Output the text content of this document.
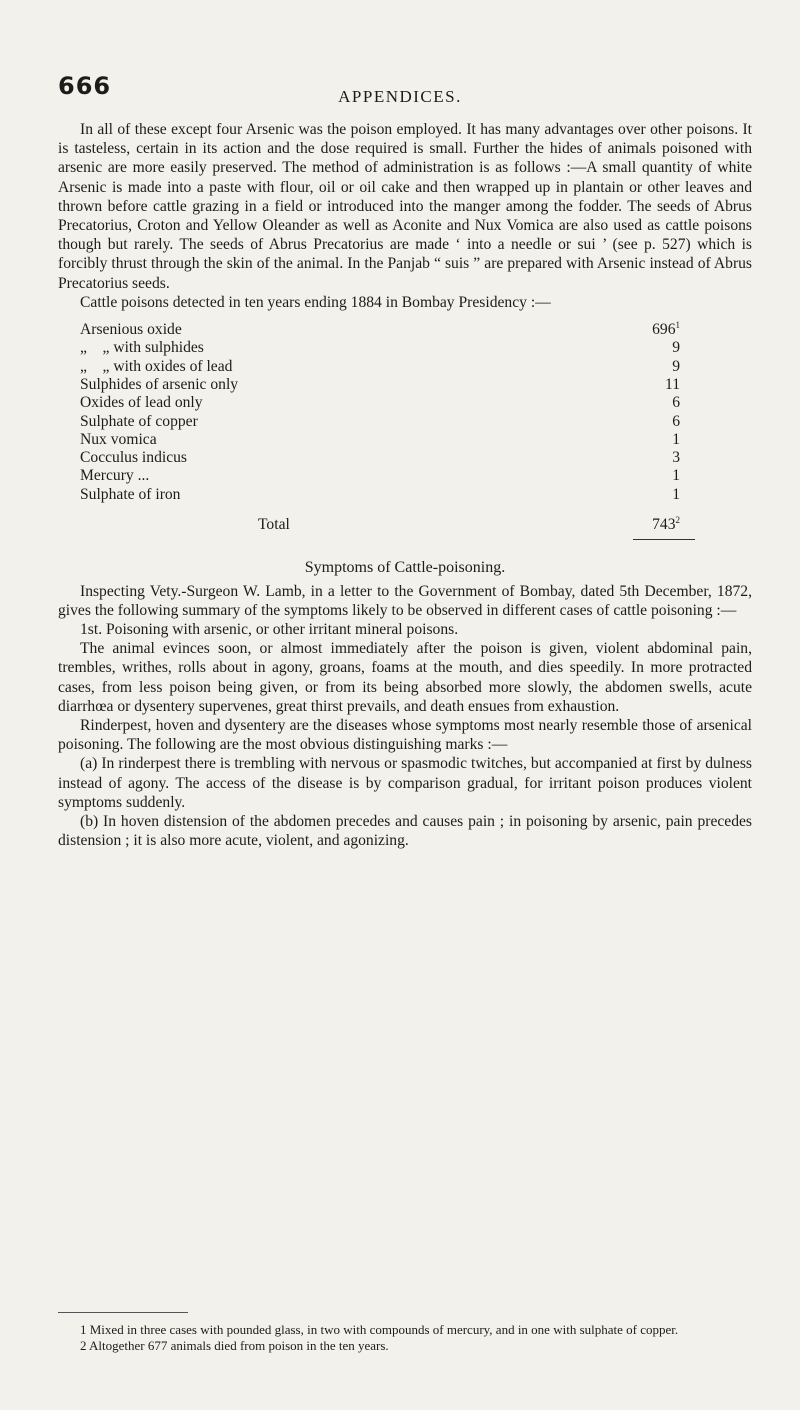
666	APPENDICES.

In all of these except four Arsenic was the poison employed. It has many advantages over other poisons. It is tasteless, certain in its action and the dose required is small. Further the hides of animals poisoned with arsenic are more easily preserved. The method of administration is as follows :—A small quantity of white Arsenic is made into a paste with flour, oil or oil cake and then wrapped up in plantain or other leaves and thrown before cattle grazing in a field or introduced into the manger among the fodder. The seeds of Abrus Precatorius, Croton and Yellow Oleander as well as Aconite and Nux Vomica are also used as cattle poisons though but rarely. The seeds of Abrus Precatorius are made ‘ into a needle or sui ’ (see p. 527) which is forcibly thrust through the skin of the animal. In the Panjab “ suis ” are prepared with Arsenic instead of Abrus Precatorius seeds.

Cattle poisons detected in ten years ending 1884 in Bombay Presidency :—

Arsenious oxide	$696^1$
„    „ with sulphides	9
„    „ with oxides of lead	9
Sulphides of arsenic only	11
Oxides of lead only	6
Sulphate of copper	6
Nux vomica	1
Cocculus indicus	3
Mercury ...	1
Sulphate of iron	1
Total	$743^2$
Symptoms of Cattle-poisoning.

Inspecting Vety.-Surgeon W. Lamb, in a letter to the Government of Bombay, dated 5th December, 1872, gives the following summary of the symptoms likely to be observed in different cases of cattle poisoning :—

1st. Poisoning with arsenic, or other irritant mineral poisons.

The animal evinces soon, or almost immediately after the poison is given, violent abdominal pain, trembles, writhes, rolls about in agony, groans, foams at the mouth, and dies speedily. In more protracted cases, from less poison being given, or from its being absorbed more slowly, the abdomen swells, acute diarrhœa or dysentery supervenes, great thirst prevails, and death ensues from exhaustion.

Rinderpest, hoven and dysentery are the diseases whose symptoms most nearly resemble those of arsenical poisoning. The following are the most obvious distinguishing marks :—

(a) In rinderpest there is trembling with nervous or spasmodic twitches, but accompanied at first by dulness instead of agony. The access of the disease is by comparison gradual, for irritant poison produces violent symptoms suddenly.

(b) In hoven distension of the abdomen precedes and causes pain ; in poisoning by arsenic, pain precedes distension ; it is also more acute, violent, and agonizing.

1 Mixed in three cases with pounded glass, in two with compounds of mercury, and in one with sulphate of copper.

2 Altogether 677 animals died from poison in the ten years.
